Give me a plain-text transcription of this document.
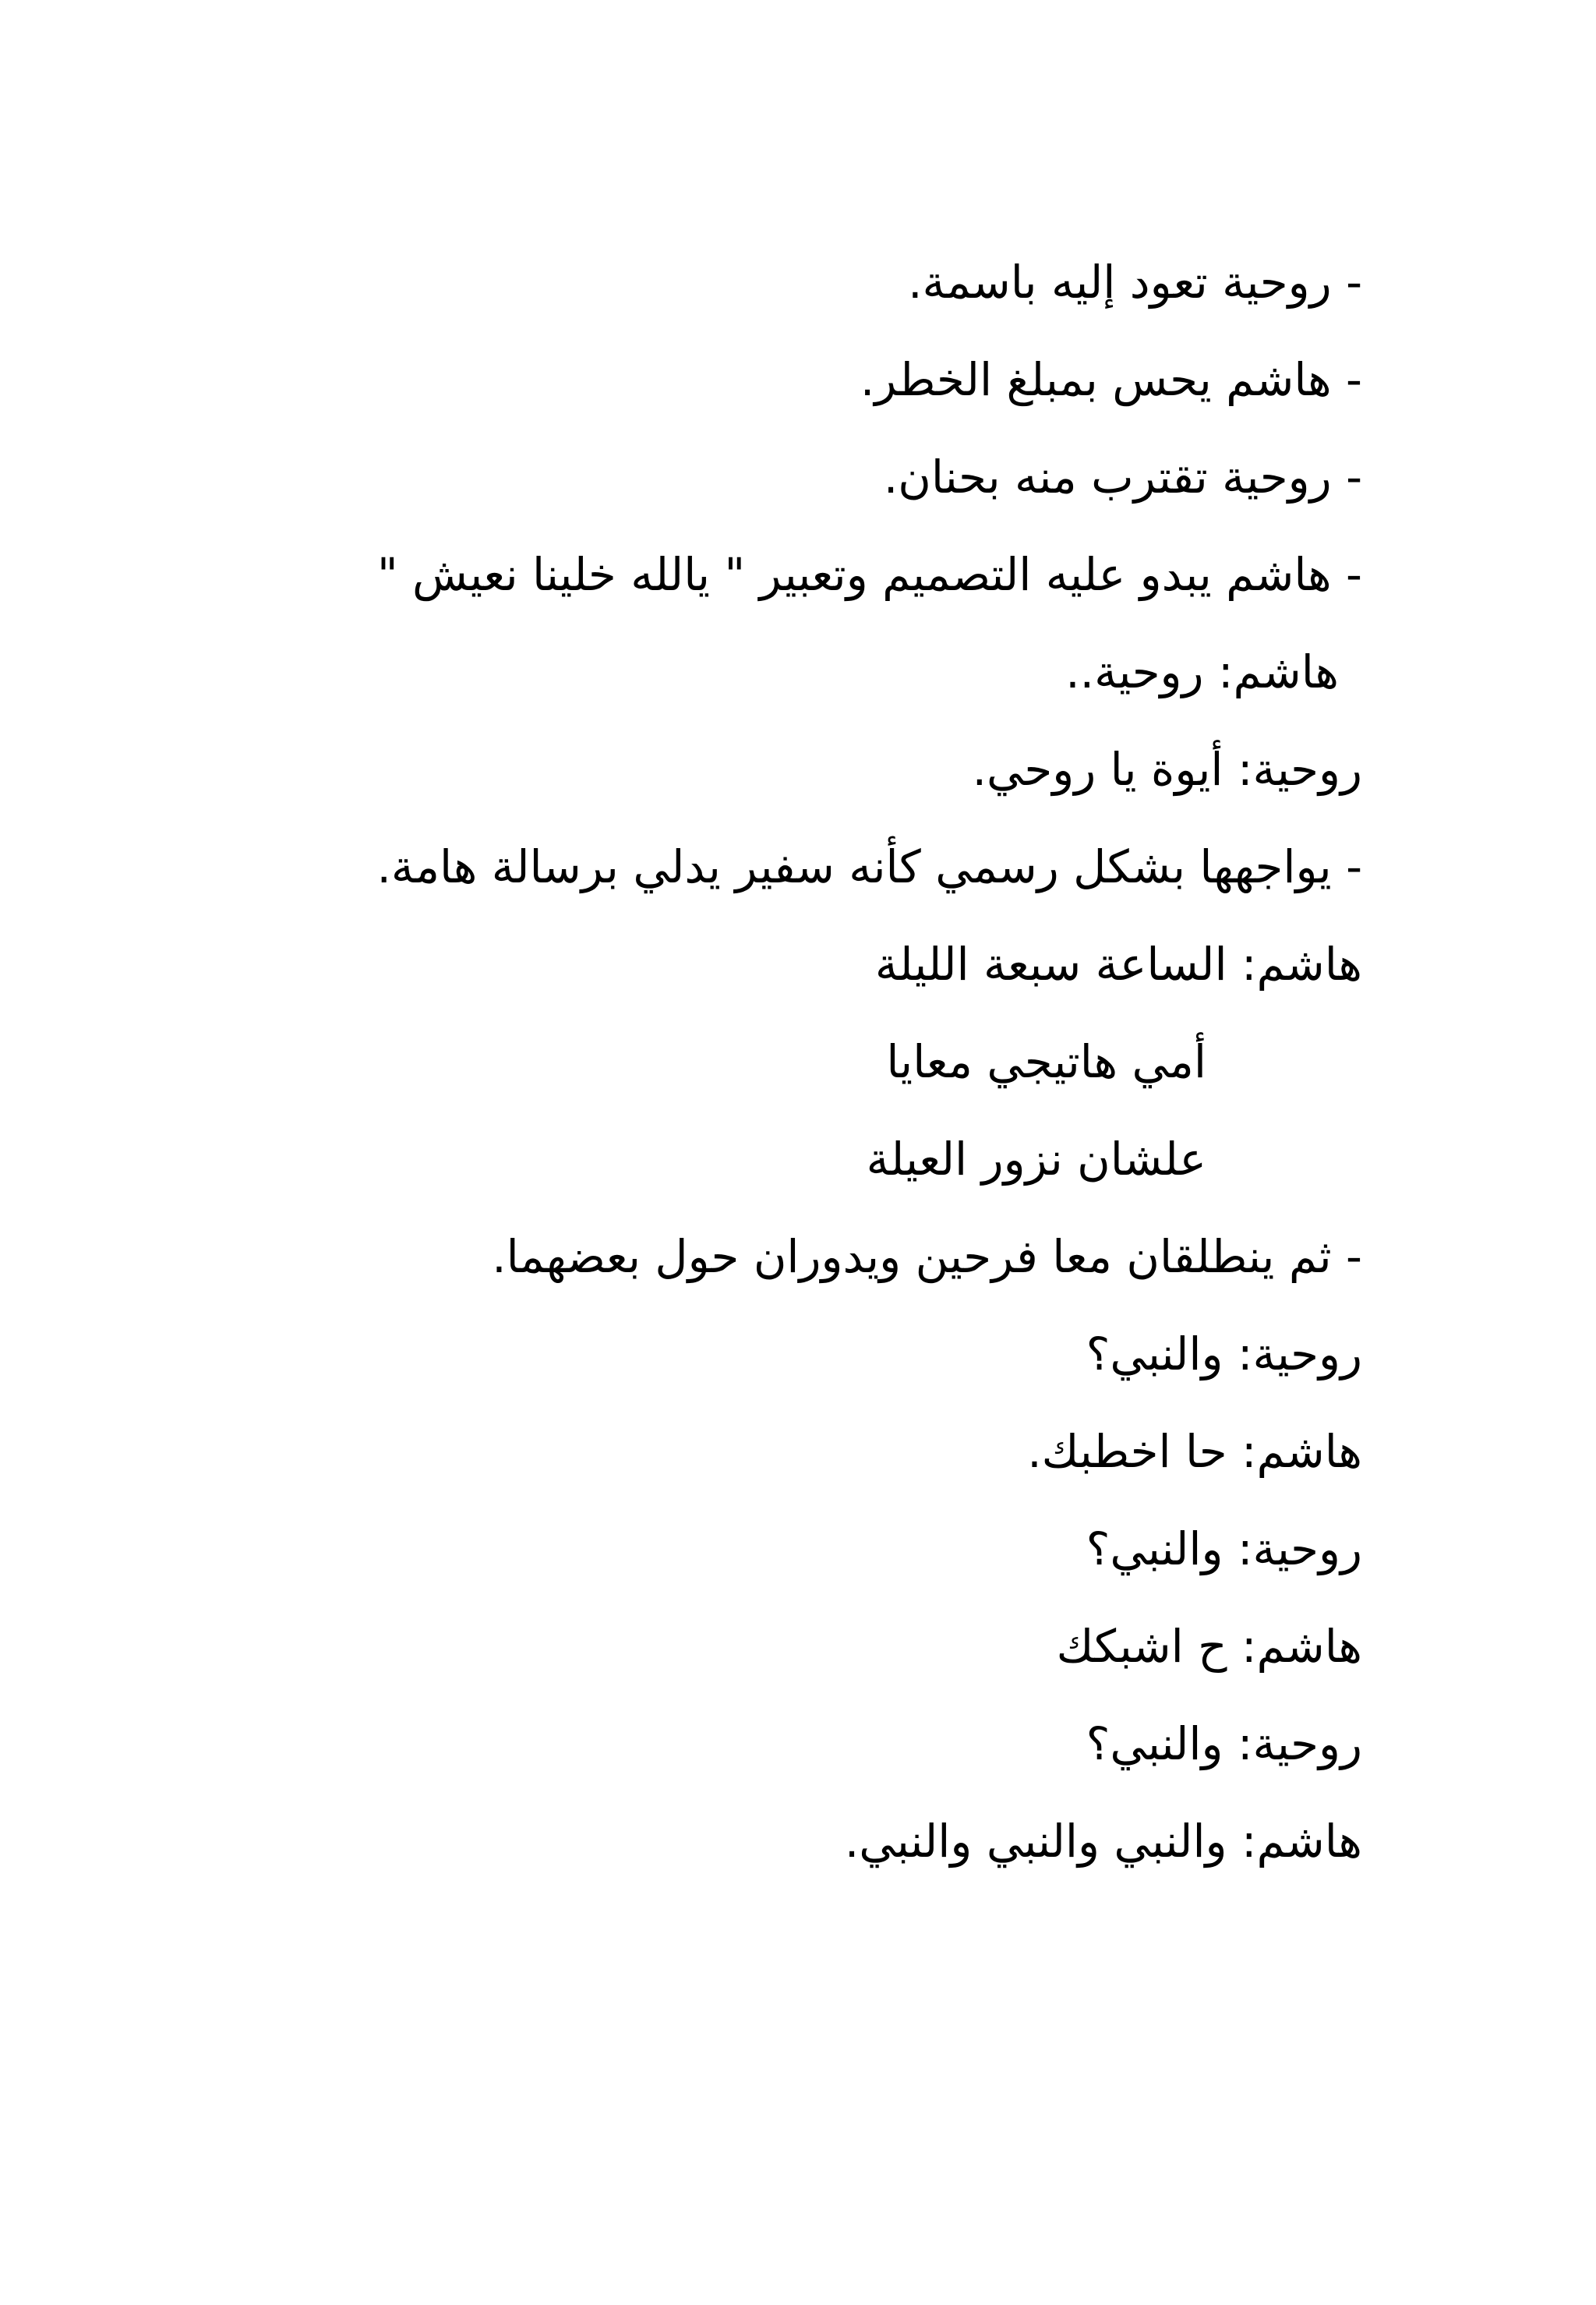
- روحية تعود إليه باسمة.

- هاشم يحس بمبلغ الخطر.

- روحية تقترب منه بحنان.

- هاشم يبدو عليه التصميم وتعبير " يالله خلينا نعيش "

هاشم: روحية..

روحية: أيوة يا روحي.

- يواجهها بشكل رسمي كأنه سفير يدلي برسالة هامة.

هاشم: الساعة سبعة الليلة

أمي هاتيجي معايا

علشان نزور العيلة

- ثم ينطلقان معا فرحين ويدوران حول بعضهما.

روحية: والنبي؟

هاشم: حا اخطبك.

روحية: والنبي؟

هاشم: ح اشبكك

روحية: والنبي؟

هاشم: والنبي والنبي والنبي.
